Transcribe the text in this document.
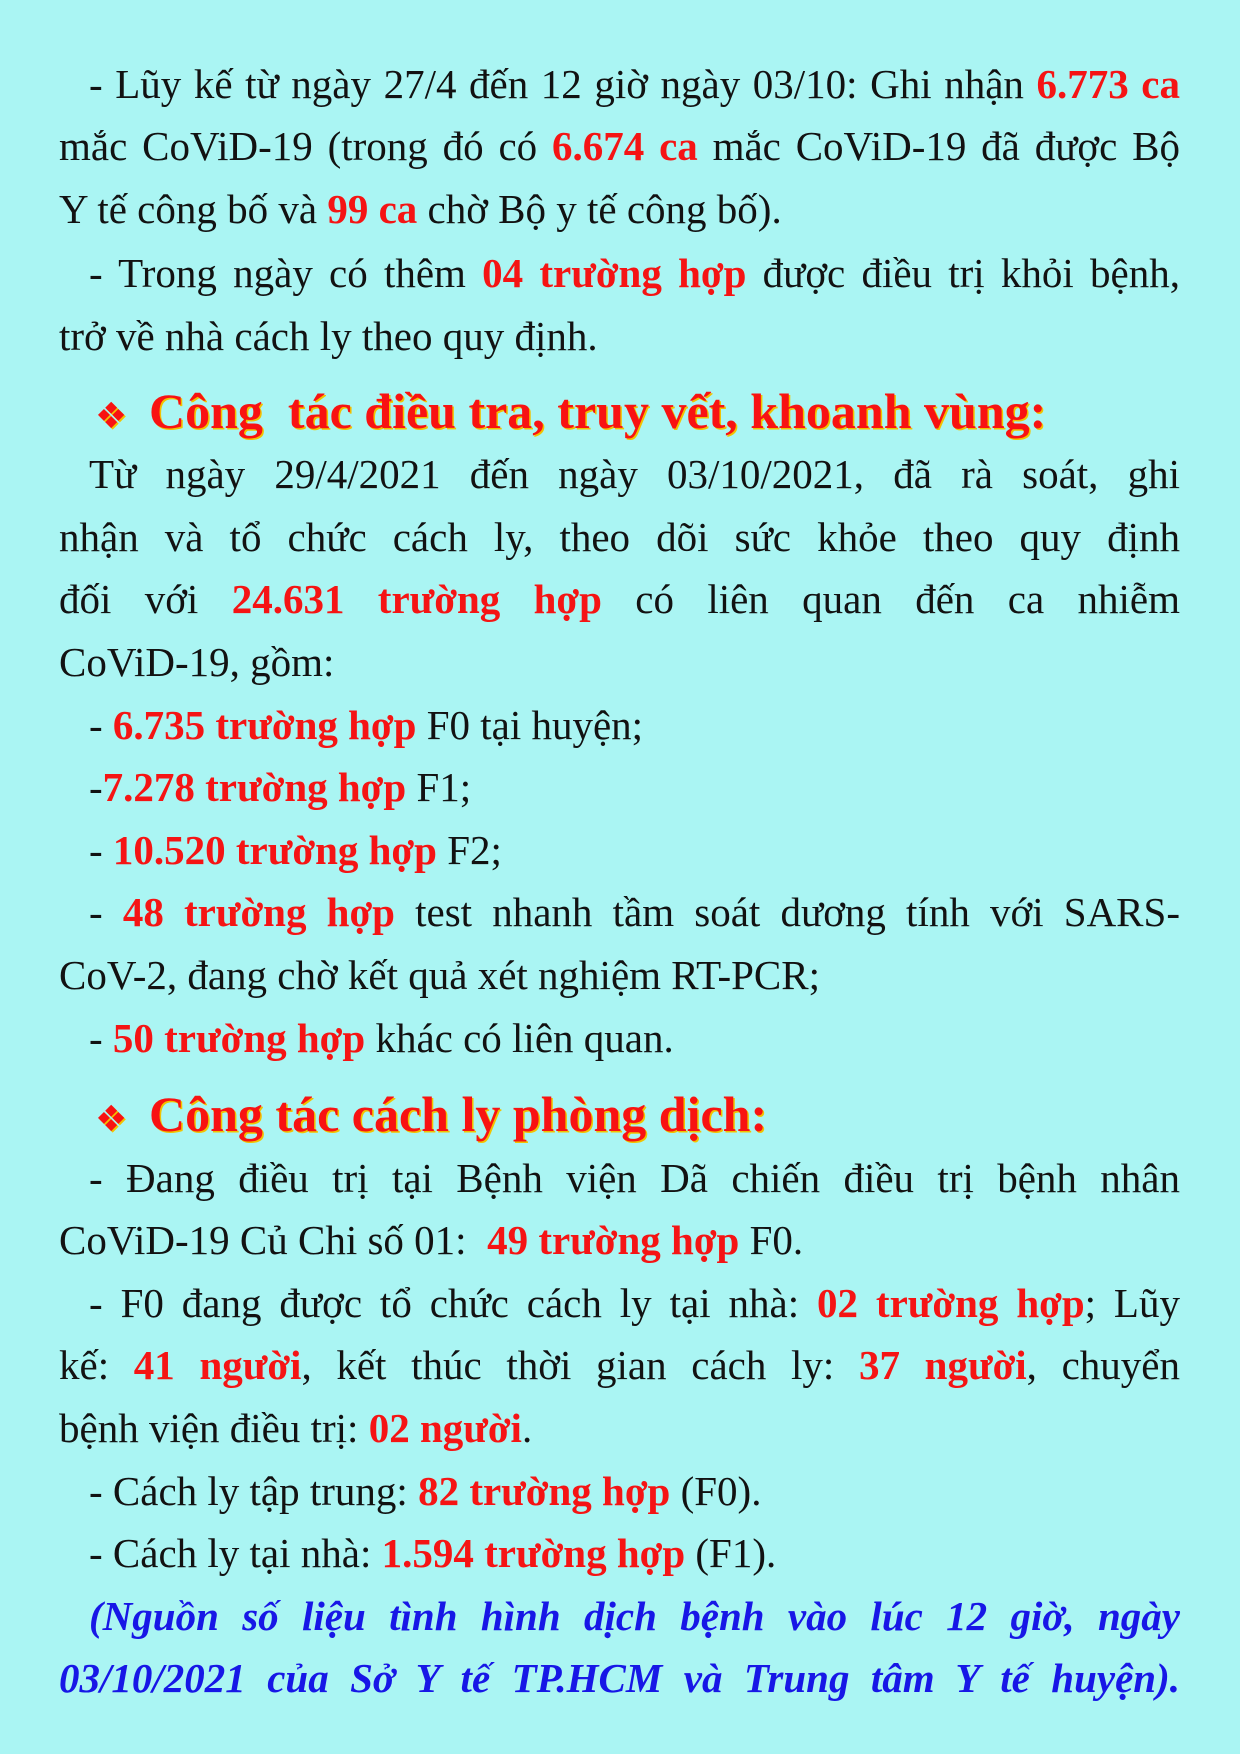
- Lũy kế từ ngày 27/4 đến 12 giờ ngày 03/10: Ghi nhận 6.773 ca
mắc CoViD-19 (trong đó có 6.674 ca mắc CoViD-19 đã được Bộ
Y tế công bố và 99 ca chờ Bộ y tế công bố).
- Trong ngày có thêm 04 trường hợp được điều trị khỏi bệnh,
trở về nhà cách ly theo quy định.
❖ Công  tác điều tra, truy vết, khoanh vùng:
Từ ngày 29/4/2021 đến ngày 03/10/2021, đã rà soát, ghi
nhận và tổ chức cách ly, theo dõi sức khỏe theo quy định
đối với 24.631 trường hợp có liên quan đến ca nhiễm
CoViD-19, gồm:
- 6.735 trường hợp F0 tại huyện;
-7.278 trường hợp F1;
- 10.520 trường hợp F2;
- 48 trường hợp test nhanh tầm soát dương tính với SARS-
CoV-2, đang chờ kết quả xét nghiệm RT-PCR;
- 50 trường hợp khác có liên quan.
❖ Công tác cách ly phòng dịch:
- Đang điều trị tại Bệnh viện Dã chiến điều trị bệnh nhân
CoViD-19 Củ Chi số 01:  49 trường hợp F0.
- F0 đang được tổ chức cách ly tại nhà: 02 trường hợp; Lũy
kế: 41 người, kết thúc thời gian cách ly: 37 người, chuyển
bệnh viện điều trị: 02 người.
- Cách ly tập trung: 82 trường hợp (F0).
- Cách ly tại nhà: 1.594 trường hợp (F1).
(Nguồn số liệu tình hình dịch bệnh vào lúc 12 giờ, ngày
03/10/2021 của Sở Y tế TP.HCM và Trung tâm Y tế huyện).
